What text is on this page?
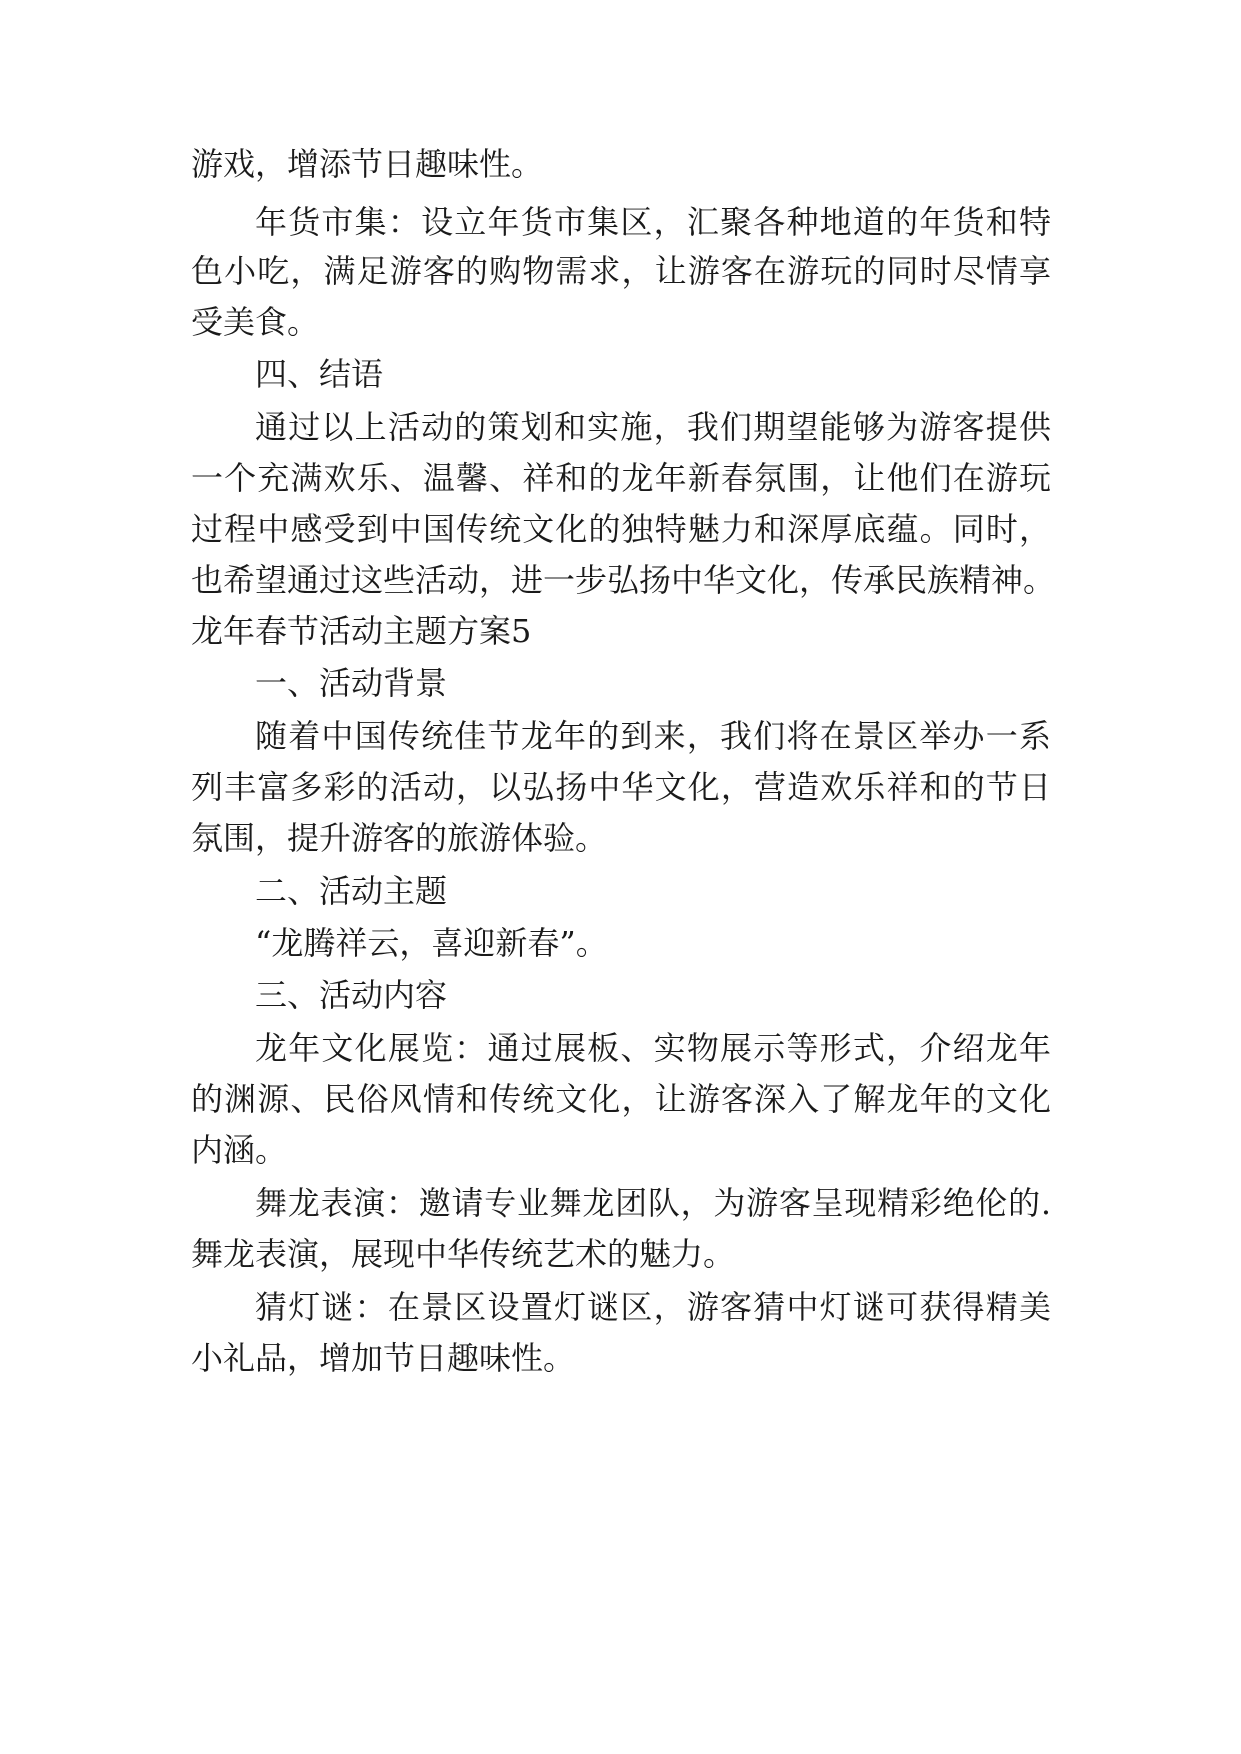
游戏，增添节日趣味性。

年货市集：设立年货市集区，汇聚各种地道的年货和特

色小吃，满足游客的购物需求，让游客在游玩的同时尽情享

受美食。

四、结语

通过以上活动的策划和实施，我们期望能够为游客提供

一个充满欢乐、温馨、祥和的龙年新春氛围，让他们在游玩

过程中感受到中国传统文化的独特魅力和深厚底蕴。同时，

也希望通过这些活动，进一步弘扬中华文化，传承民族精神。

龙年春节活动主题方案5

一、活动背景

随着中国传统佳节龙年的到来，我们将在景区举办一系

列丰富多彩的活动，以弘扬中华文化，营造欢乐祥和的节日

氛围，提升游客的旅游体验。

二、活动主题

“龙腾祥云，喜迎新春”。

三、活动内容

龙年文化展览：通过展板、实物展示等形式，介绍龙年

的渊源、民俗风情和传统文化，让游客深入了解龙年的文化

内涵。

舞龙表演：邀请专业舞龙团队，为游客呈现精彩绝伦的.

舞龙表演，展现中华传统艺术的魅力。

猜灯谜：在景区设置灯谜区，游客猜中灯谜可获得精美

小礼品，增加节日趣味性。
